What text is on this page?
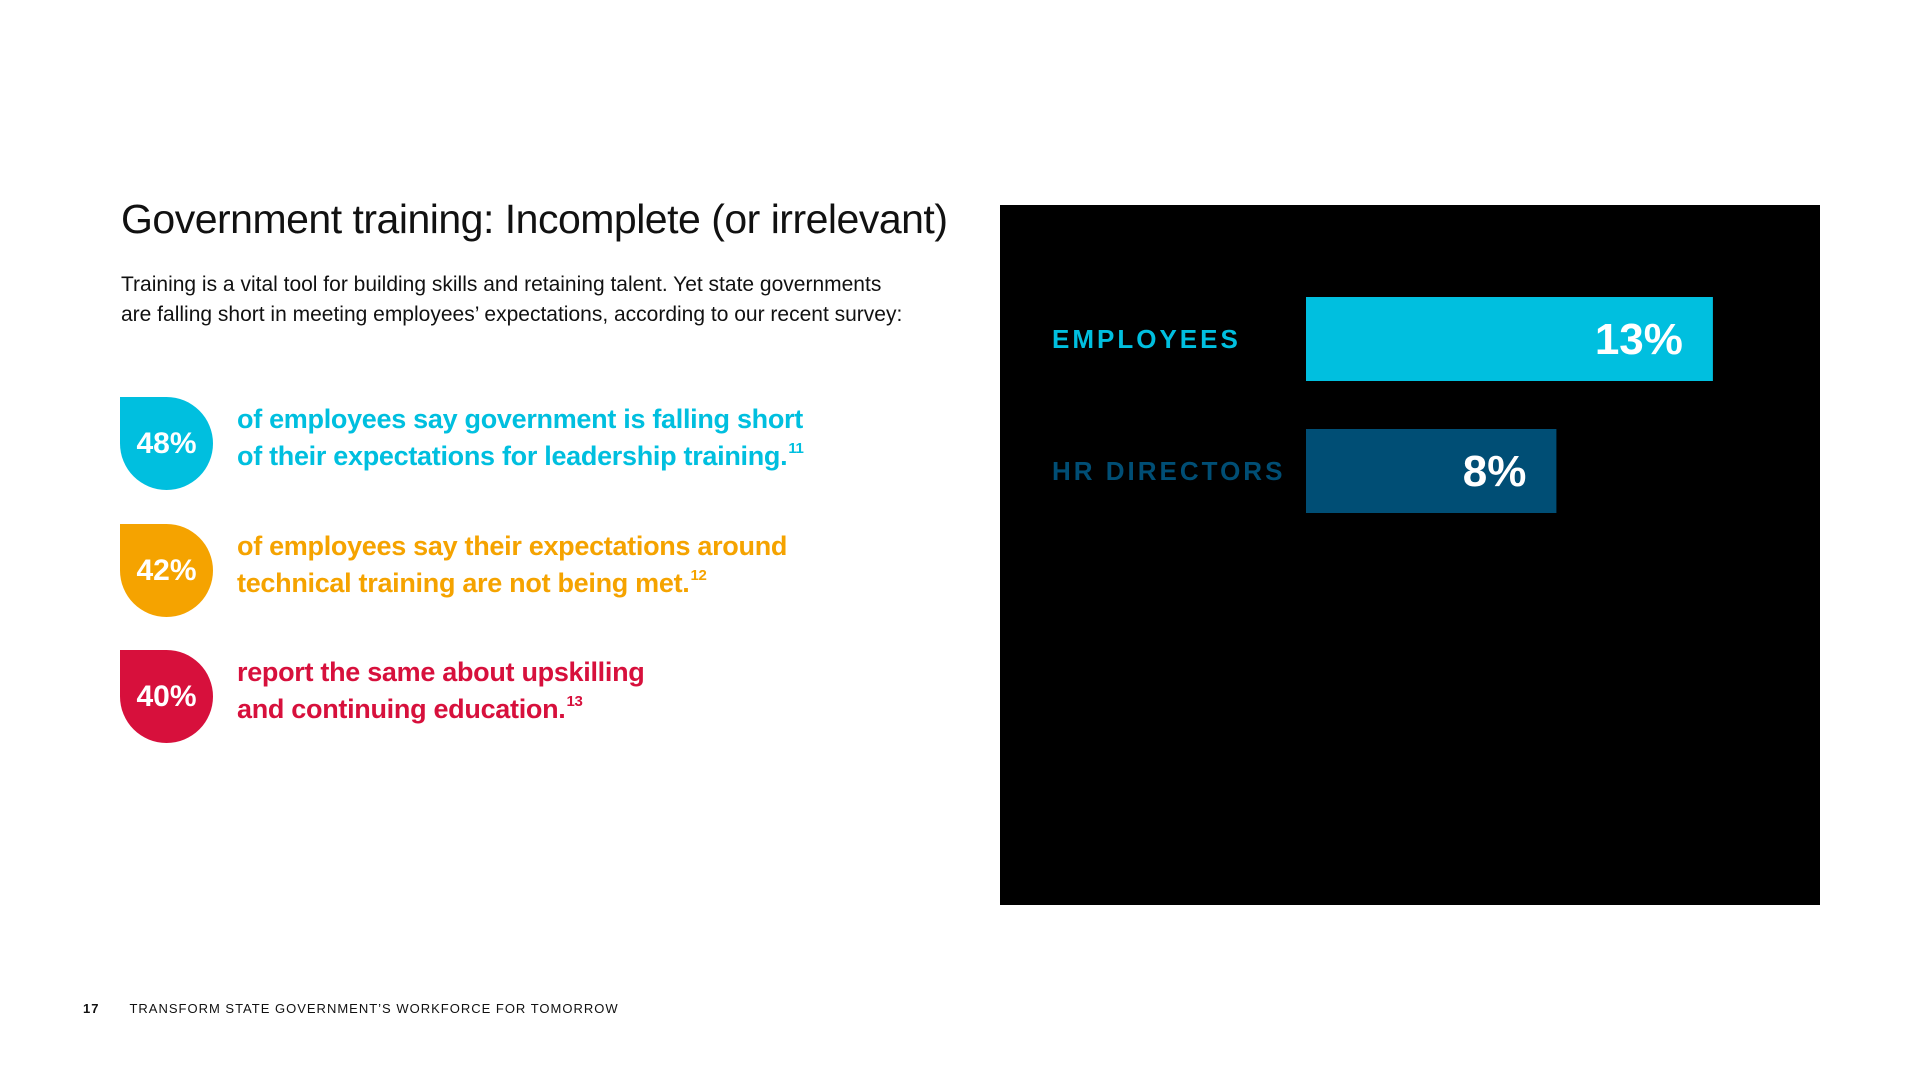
Government training: Incomplete (or irrelevant)

Training is a vital tool for building skills and retaining talent. Yet state governments are falling short in meeting employees’ expectations, according to our recent survey:

48%
of employees say government is falling short
of their expectations for leadership training.$^{11}$
42%
of employees say their expectations around
technical training are not being met.$^{12}$
40%
report the same about upskilling
and continuing education.$^{13}$
EMPLOYEES	13%
HR DIRECTORS	8%
17 TRANSFORM STATE GOVERNMENT’S WORKFORCE FOR TOMORROW
